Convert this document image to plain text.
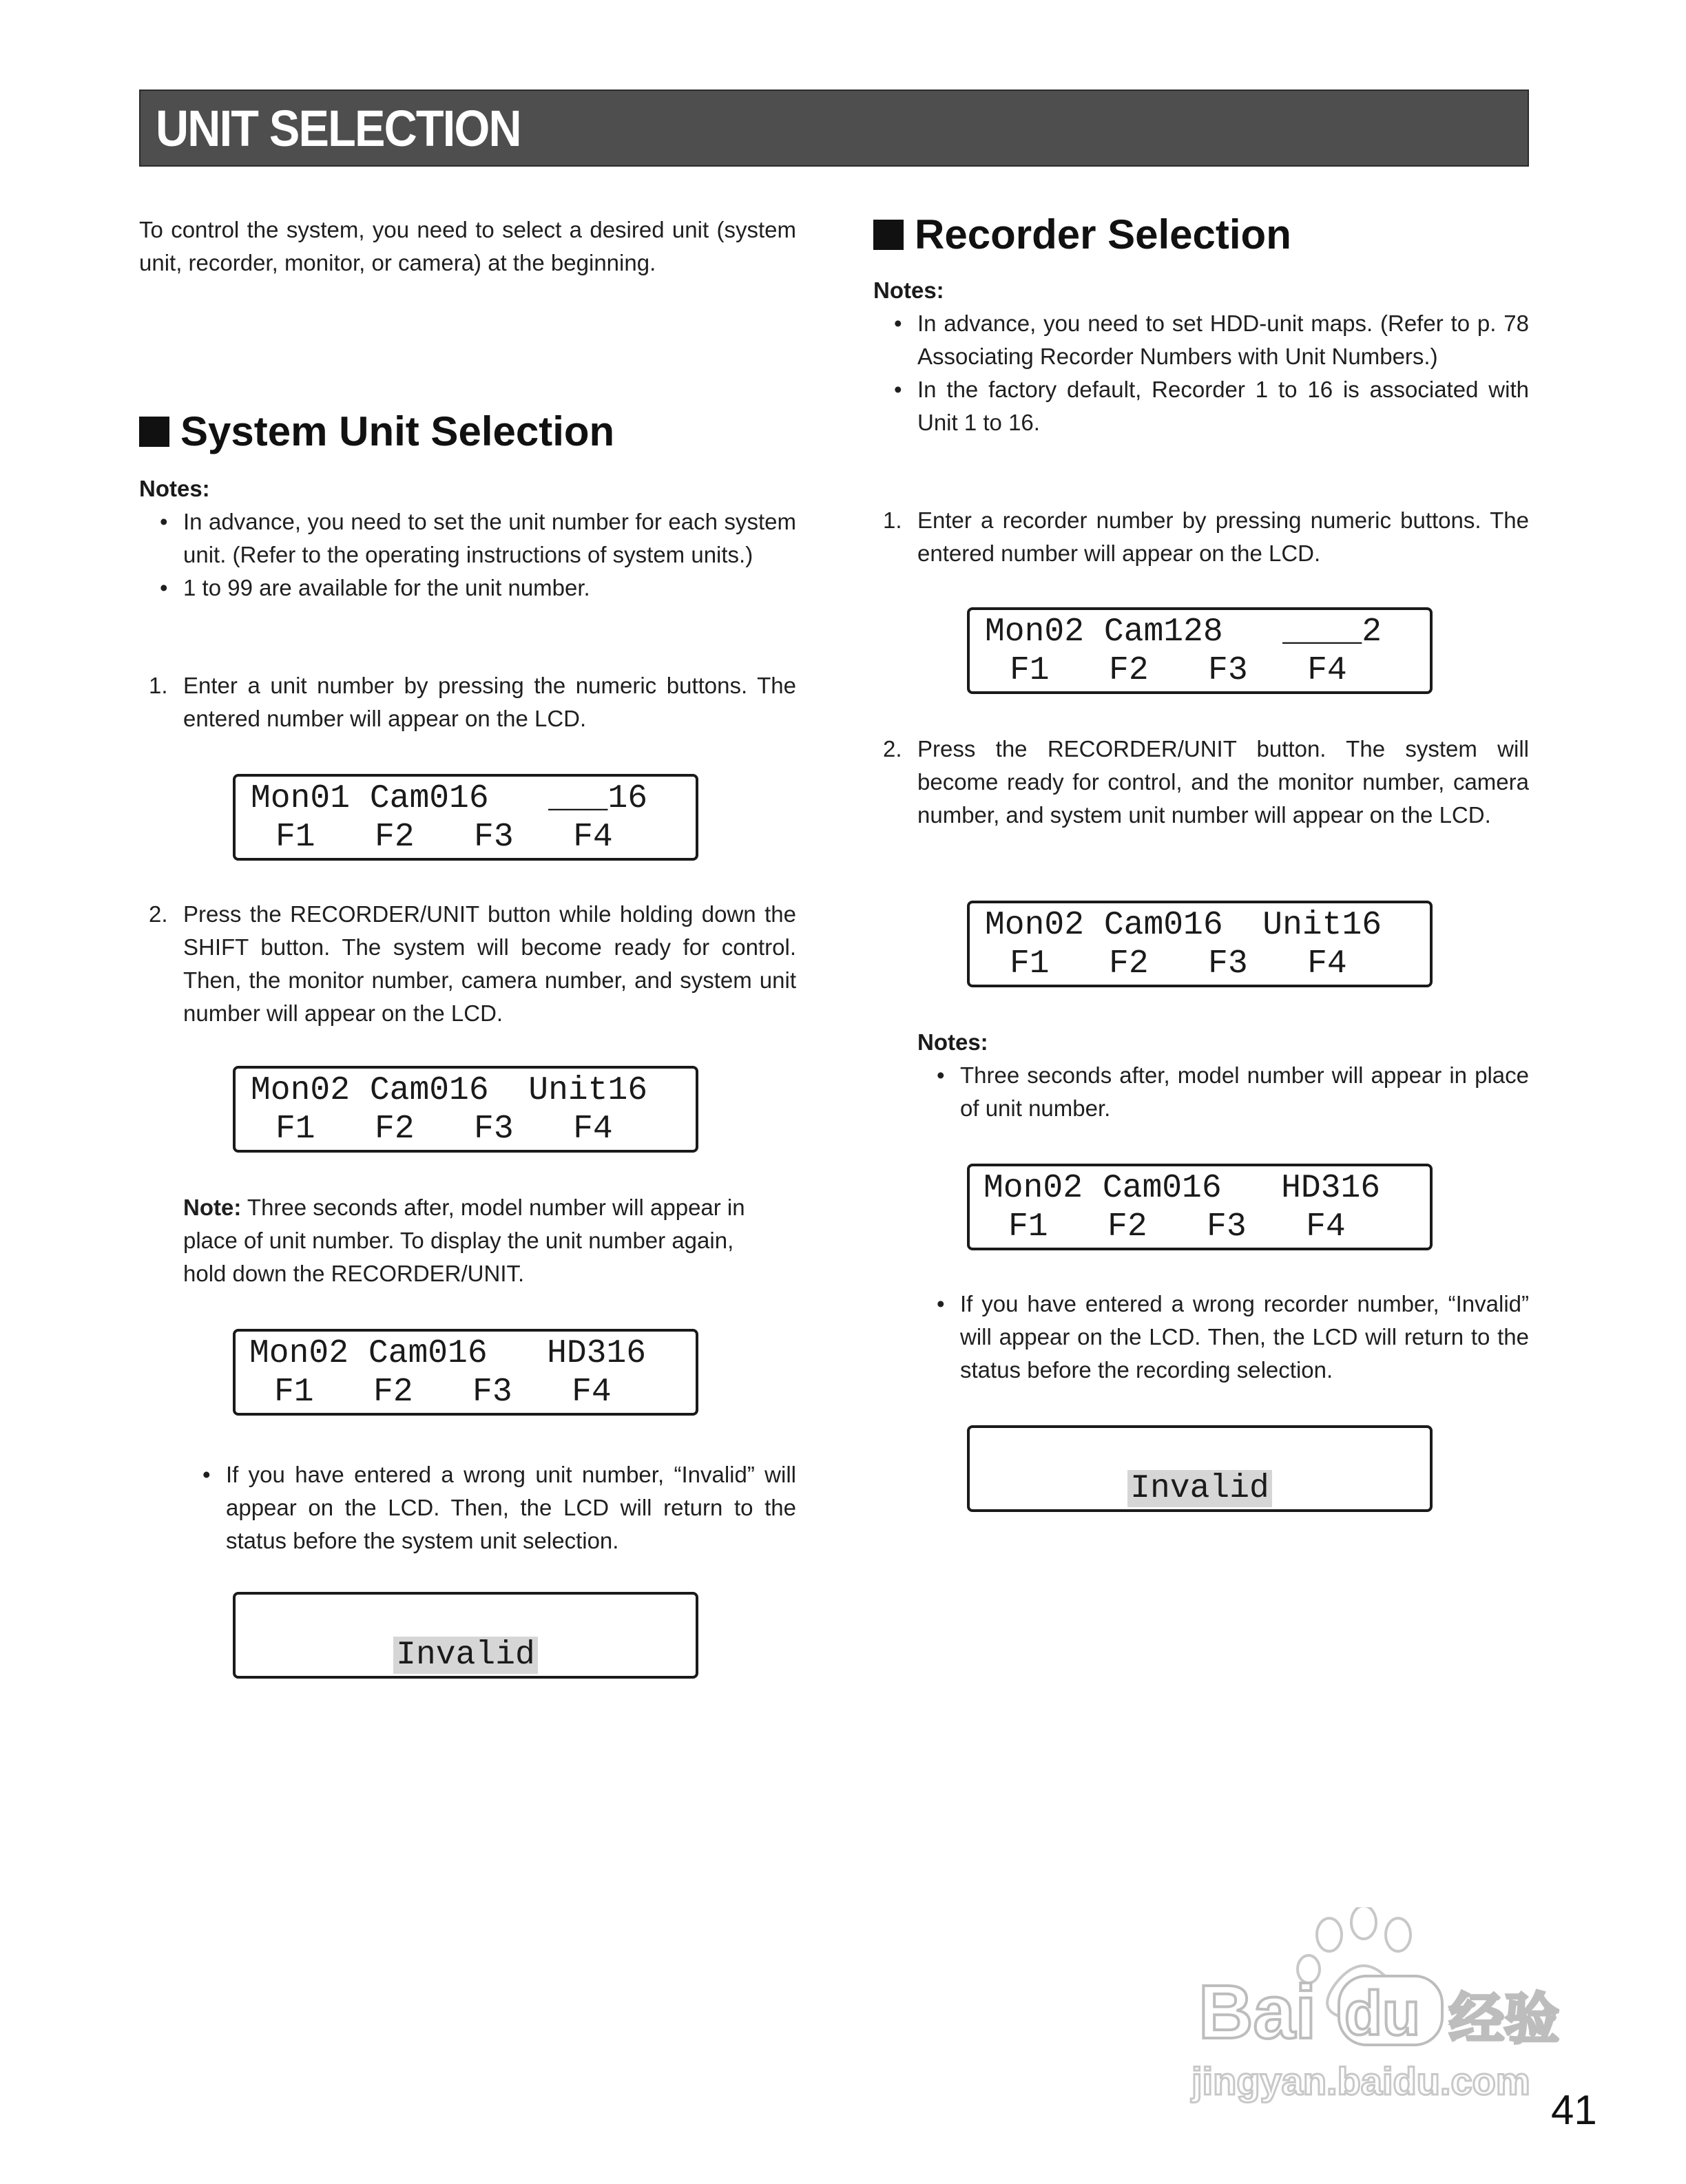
UNIT SELECTION

To control the system, you need to select a desired unit (system unit, recorder, monitor, or camera) at the beginning.

System Unit Selection

Notes:

• In advance, you need to set the unit number for each system unit. (Refer to the operating instructions of system units.)
• 1 to 99 are available for the unit number.
1. Enter a unit number by pressing the numeric buttons. The entered number will appear on the LCD.
Mon01 Cam016   ___16
F1   F2   F3   F4
2. Press the RECORDER/UNIT button while holding down the SHIFT button. The system will become ready for control. Then, the monitor number, camera number, and system unit number will appear on the LCD.
Mon02 Cam016  Unit16
F1   F2   F3   F4

Note: Three seconds after, model number will appear in place of unit number. To display the unit number again, hold down the RECORDER/UNIT.

Mon02 Cam016   HD316
F1   F2   F3   F4
• If you have entered a wrong unit number, “Invalid” will appear on the LCD. Then, the LCD will return to the status before the system unit selection.
Invalid
Recorder Selection

Notes:

• In advance, you need to set HDD-unit maps. (Refer to p. 78 Associating Recorder Numbers with Unit Numbers.)
• In the factory default, Recorder 1 to 16 is associated with Unit 1 to 16.
1. Enter a recorder number by pressing numeric buttons. The entered number will appear on the LCD.
Mon02 Cam128   ____2
F1   F2   F3   F4
2. Press the RECORDER/UNIT button. The system will become ready for control, and the monitor number, camera number, and system unit number will appear on the LCD.
Mon02 Cam016  Unit16
F1   F2   F3   F4

Notes:

• Three seconds after, model number will appear in place of unit number.
Mon02 Cam016   HD316
F1   F2   F3   F4
• If you have entered a wrong recorder number, “Invalid” will appear on the LCD. Then, the LCD will return to the status before the recording selection.
Invalid
Bai du 经验
jingyan.baidu.com

41
